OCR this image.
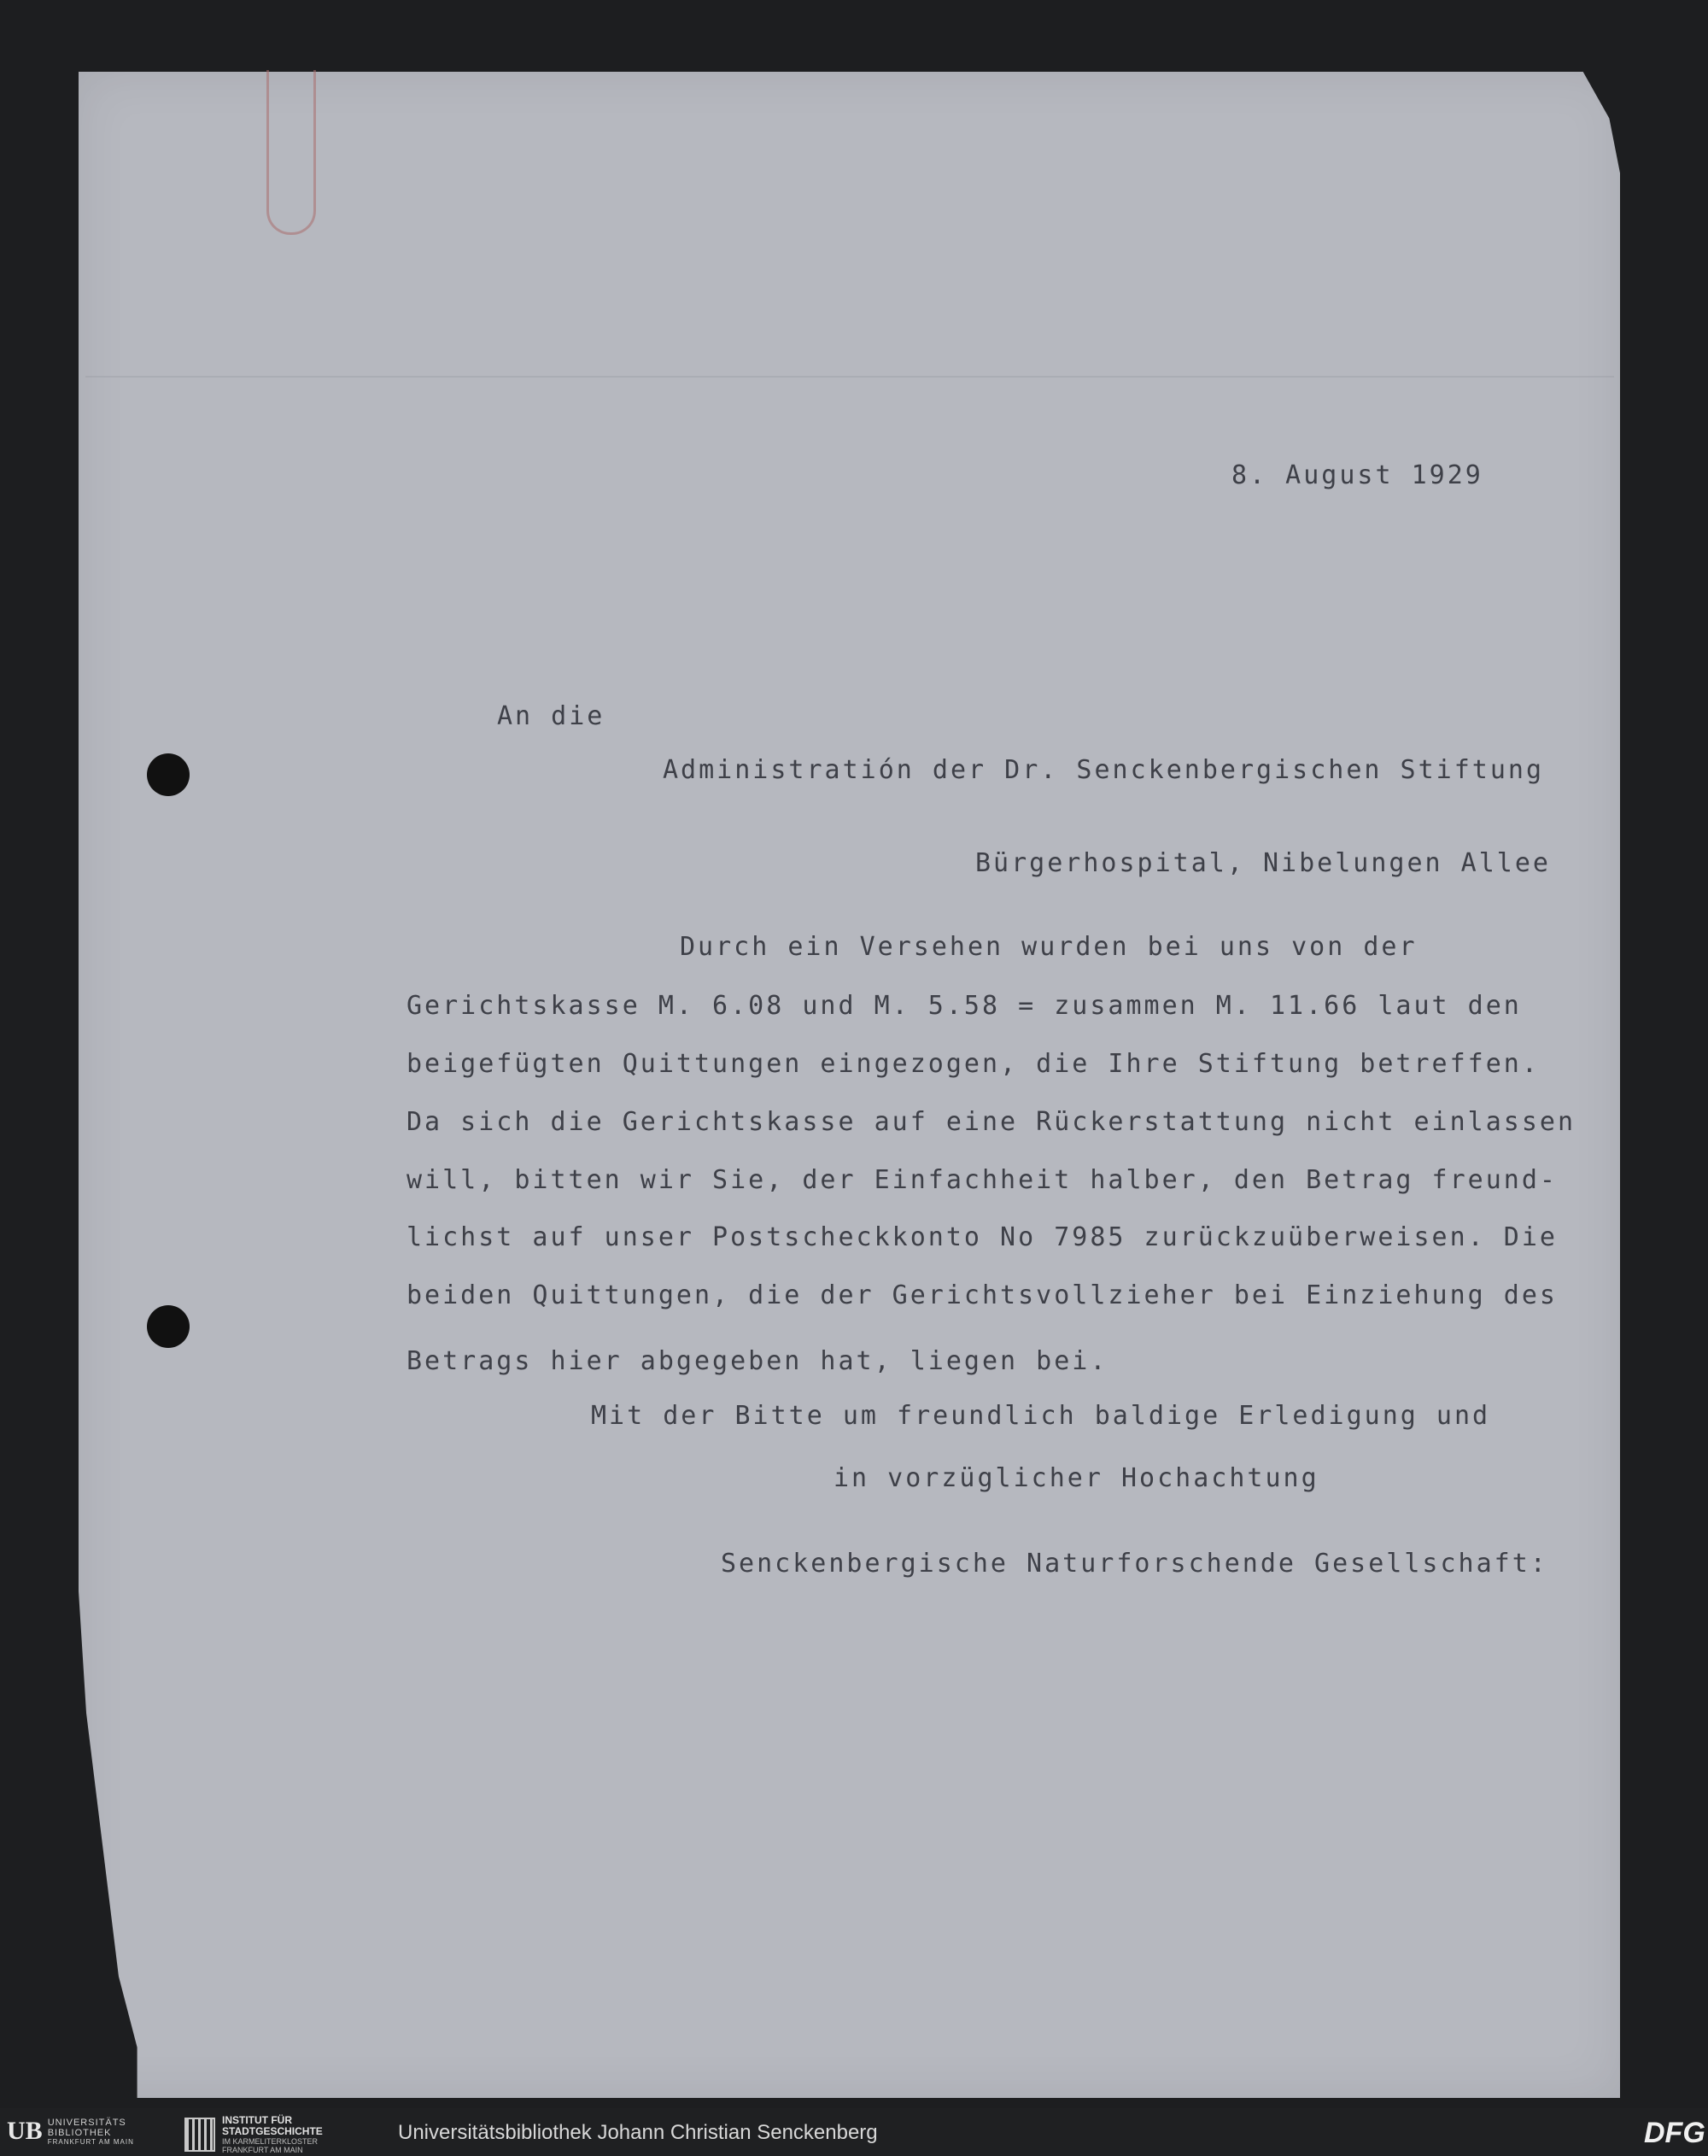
8. August 1929

An die

Administratión der Dr. Senckenbergischen Stiftung

Bürgerhospital, Nibelungen Allee

Durch ein Versehen wurden bei uns von der

Gerichtskasse M. 6.08 und M. 5.58 = zusammen M. 11.66 laut den

beigefügten Quittungen eingezogen, die Ihre Stiftung betreffen.

Da sich die Gerichtskasse auf eine Rückerstattung nicht einlassen

will, bitten wir Sie, der Einfachheit halber, den Betrag freund-

lichst auf unser Postscheckkonto No 7985 zurückzuüberweisen. Die

beiden Quittungen, die der Gerichtsvollzieher bei Einziehung des

Betrags hier abgegeben hat, liegen bei.

Mit der Bitte um freundlich baldige Erledigung und

in vorzüglicher Hochachtung

Senckenbergische Naturforschende Gesellschaft:

UB UNIVERSITÄTS
BIBLIOTHEK
FRANKFURT AM MAIN
INSTITUT FÜR
STADTGESCHICHTE
IM KARMELITERKLOSTER
FRANKFURT AM MAIN
Universitätsbibliothek Johann Christian Senckenberg	DFG
